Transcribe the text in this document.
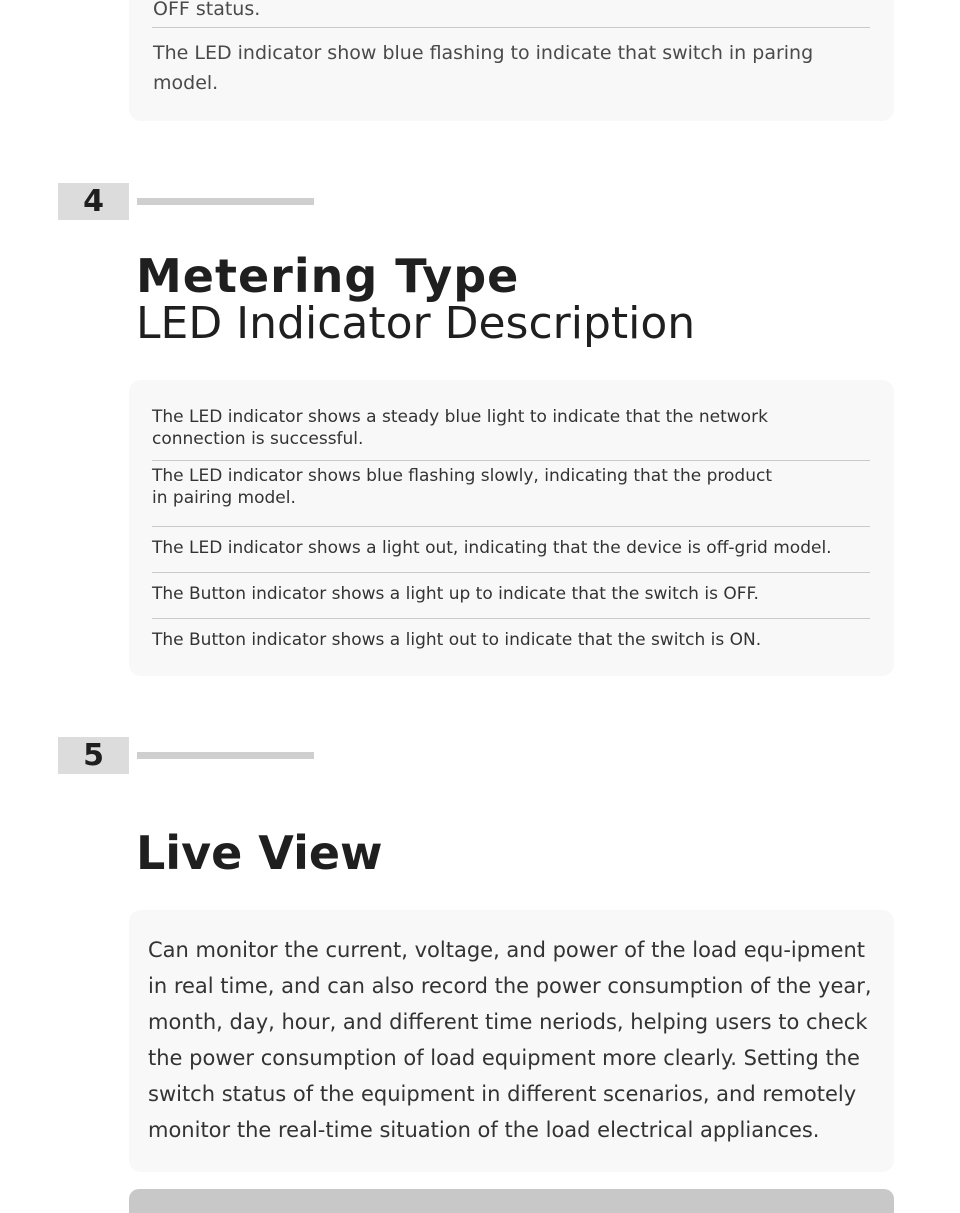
OFF status.
The LED indicator show blue flashing to indicate that switch in paring model.
4
Metering Type
LED Indicator Description
The LED indicator shows a steady blue light to indicate that the network connection is successful.
The LED indicator shows blue flashing slowly, indicating that the product in pairing model.
The LED indicator shows a light out, indicating that the device is off-grid model.
The Button indicator shows a light up to indicate that the switch is OFF.
The Button indicator shows a light out to indicate that the switch is ON.
5
Live View
Can monitor the current, voltage, and power of the load equ-ipment in real time, and can also record the power consumption of the year, month, day, hour, and different time neriods, helping users to check the power consumption of load equipment more clearly. Setting the switch status of the equipment in different scenarios, and remotely monitor the real-time situation of the load electrical appliances.
